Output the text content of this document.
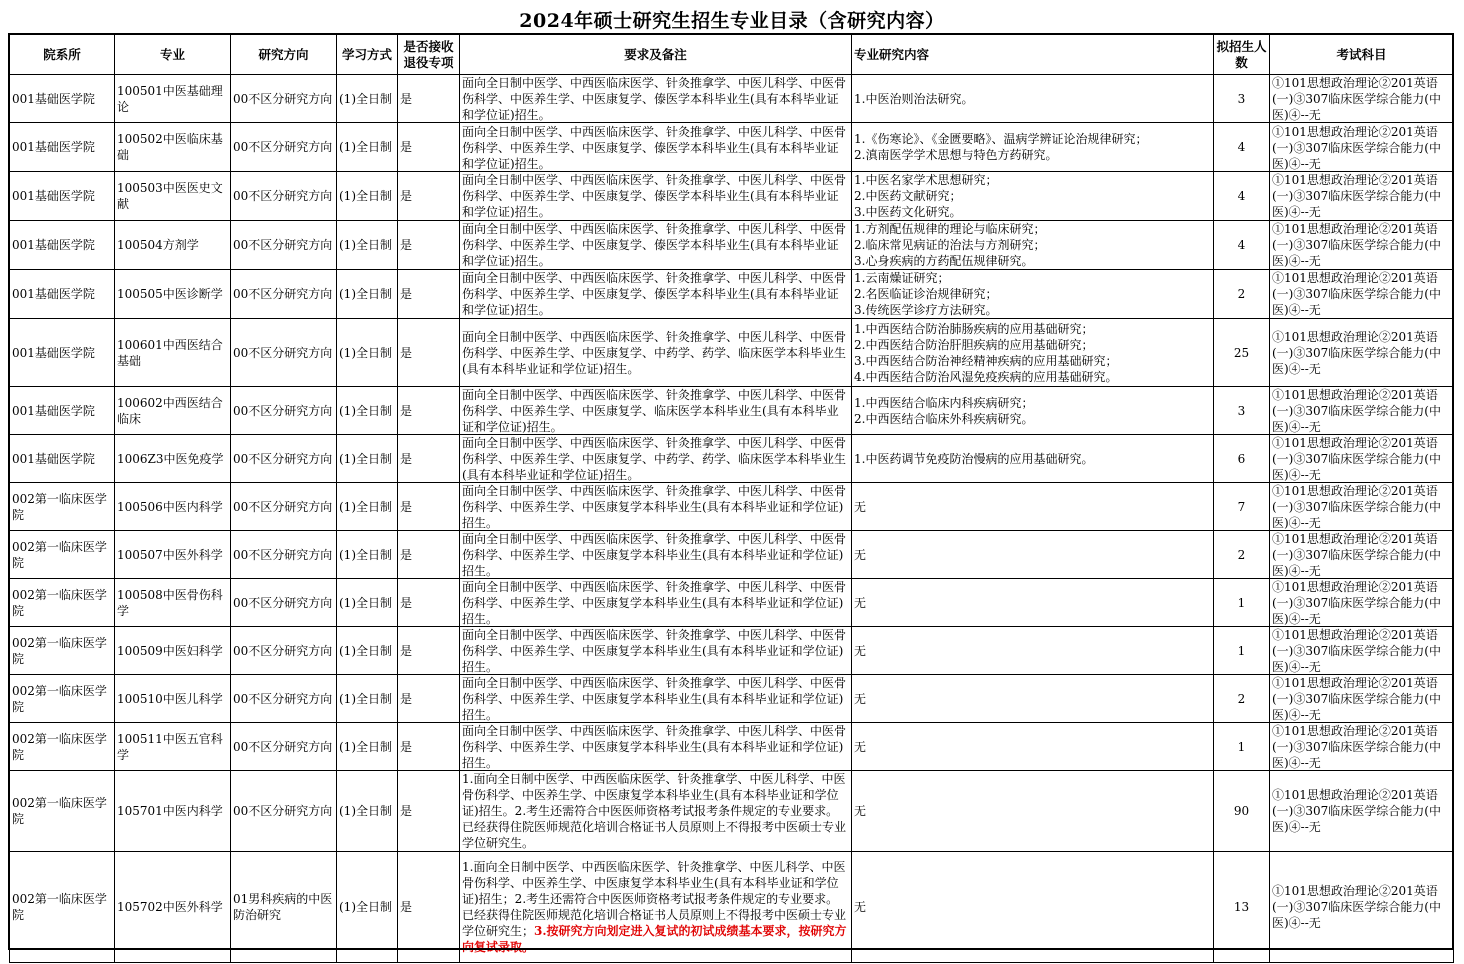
2024年硕士研究生招生专业目录（含研究内容）
院系所	专业	研究方向	学习方式	是否接收退役专项	要求及备注	专业研究内容	拟招生人数	考试科目

001基础医学院	100501中医基础理论	00不区分研究方向	(1)全日制	是	面向全日制中医学、中西医临床医学、针灸推拿学、中医儿科学、中医骨伤科学、中医养生学、中医康复学、傣医学本科毕业生(具有本科毕业证和学位证)招生。	1.中医治则治法研究。	3	①101思想政治理论②201英语(一)③307临床医学综合能力(中医)④--无

001基础医学院	100502中医临床基础	00不区分研究方向	(1)全日制	是	面向全日制中医学、中西医临床医学、针灸推拿学、中医儿科学、中医骨伤科学、中医养生学、中医康复学、傣医学本科毕业生(具有本科毕业证和学位证)招生。	1.《伤寒论》、《金匮要略》、温病学辨证论治规律研究；
2.滇南医学学术思想与特色方药研究。	4	①101思想政治理论②201英语(一)③307临床医学综合能力(中医)④--无

001基础医学院	100503中医医史文献	00不区分研究方向	(1)全日制	是	面向全日制中医学、中西医临床医学、针灸推拿学、中医儿科学、中医骨伤科学、中医养生学、中医康复学、傣医学本科毕业生(具有本科毕业证和学位证)招生。	1.中医名家学术思想研究；
2.中医药文献研究；
3.中医药文化研究。	4	①101思想政治理论②201英语(一)③307临床医学综合能力(中医)④--无

001基础医学院	100504方剂学	00不区分研究方向	(1)全日制	是	面向全日制中医学、中西医临床医学、针灸推拿学、中医儿科学、中医骨伤科学、中医养生学、中医康复学、傣医学本科毕业生(具有本科毕业证和学位证)招生。	1.方剂配伍规律的理论与临床研究；
2.临床常见病证的治法与方剂研究；
3.心身疾病的方药配伍规律研究。	4	①101思想政治理论②201英语(一)③307临床医学综合能力(中医)④--无

001基础医学院	100505中医诊断学	00不区分研究方向	(1)全日制	是	面向全日制中医学、中西医临床医学、针灸推拿学、中医儿科学、中医骨伤科学、中医养生学、中医康复学、傣医学本科毕业生(具有本科毕业证和学位证)招生。	1.云南燥证研究；
2.名医临证诊治规律研究；
3.传统医学诊疗方法研究。	2	①101思想政治理论②201英语(一)③307临床医学综合能力(中医)④--无

001基础医学院	100601中西医结合基础	00不区分研究方向	(1)全日制	是	面向全日制中医学、中西医临床医学、针灸推拿学、中医儿科学、中医骨伤科学、中医养生学、中医康复学、中药学、药学、临床医学本科毕业生(具有本科毕业证和学位证)招生。	1.中西医结合防治肺肠疾病的应用基础研究；
2.中西医结合防治肝胆疾病的应用基础研究；
3.中西医结合防治神经精神疾病的应用基础研究；
4.中西医结合防治风湿免疫疾病的应用基础研究。	25	①101思想政治理论②201英语(一)③307临床医学综合能力(中医)④--无

001基础医学院	100602中西医结合临床	00不区分研究方向	(1)全日制	是	面向全日制中医学、中西医临床医学、针灸推拿学、中医儿科学、中医骨伤科学、中医养生学、中医康复学、临床医学本科毕业生(具有本科毕业证和学位证)招生。	1.中西医结合临床内科疾病研究；
2.中西医结合临床外科疾病研究。	3	①101思想政治理论②201英语(一)③307临床医学综合能力(中医)④--无

001基础医学院	1006Z3中医免疫学	00不区分研究方向	(1)全日制	是	面向全日制中医学、中西医临床医学、针灸推拿学、中医儿科学、中医骨伤科学、中医养生学、中医康复学、中药学、药学、临床医学本科毕业生(具有本科毕业证和学位证)招生。	1.中医药调节免疫防治慢病的应用基础研究。	6	①101思想政治理论②201英语(一)③307临床医学综合能力(中医)④--无

002第一临床医学院	100506中医内科学	00不区分研究方向	(1)全日制	是	面向全日制中医学、中西医临床医学、针灸推拿学、中医儿科学、中医骨伤科学、中医养生学、中医康复学本科毕业生(具有本科毕业证和学位证)招生。	无	7	①101思想政治理论②201英语(一)③307临床医学综合能力(中医)④--无

002第一临床医学院	100507中医外科学	00不区分研究方向	(1)全日制	是	面向全日制中医学、中西医临床医学、针灸推拿学、中医儿科学、中医骨伤科学、中医养生学、中医康复学本科毕业生(具有本科毕业证和学位证)招生。	无	2	①101思想政治理论②201英语(一)③307临床医学综合能力(中医)④--无

002第一临床医学院	100508中医骨伤科学	00不区分研究方向	(1)全日制	是	面向全日制中医学、中西医临床医学、针灸推拿学、中医儿科学、中医骨伤科学、中医养生学、中医康复学本科毕业生(具有本科毕业证和学位证)招生。	无	1	①101思想政治理论②201英语(一)③307临床医学综合能力(中医)④--无

002第一临床医学院	100509中医妇科学	00不区分研究方向	(1)全日制	是	面向全日制中医学、中西医临床医学、针灸推拿学、中医儿科学、中医骨伤科学、中医养生学、中医康复学本科毕业生(具有本科毕业证和学位证)招生。	无	1	①101思想政治理论②201英语(一)③307临床医学综合能力(中医)④--无

002第一临床医学院	100510中医儿科学	00不区分研究方向	(1)全日制	是	面向全日制中医学、中西医临床医学、针灸推拿学、中医儿科学、中医骨伤科学、中医养生学、中医康复学本科毕业生(具有本科毕业证和学位证)招生。	无	2	①101思想政治理论②201英语(一)③307临床医学综合能力(中医)④--无

002第一临床医学院	100511中医五官科学	00不区分研究方向	(1)全日制	是	面向全日制中医学、中西医临床医学、针灸推拿学、中医儿科学、中医骨伤科学、中医养生学、中医康复学本科毕业生(具有本科毕业证和学位证)招生。	无	1	①101思想政治理论②201英语(一)③307临床医学综合能力(中医)④--无

002第一临床医学院	105701中医内科学	00不区分研究方向	(1)全日制	是	1.面向全日制中医学、中西医临床医学、针灸推拿学、中医儿科学、中医骨伤科学、中医养生学、中医康复学本科毕业生(具有本科毕业证和学位证)招生。2.考生还需符合中医医师资格考试报考条件规定的专业要求。已经获得住院医师规范化培训合格证书人员原则上不得报考中医硕士专业学位研究生。	无	90	①101思想政治理论②201英语(一)③307临床医学综合能力(中医)④--无

002第一临床医学院	105702中医外科学	01男科疾病的中医防治研究	(1)全日制	是	1.面向全日制中医学、中西医临床医学、针灸推拿学、中医儿科学、中医骨伤科学、中医养生学、中医康复学本科毕业生(具有本科毕业证和学位证)招生；2.考生还需符合中医医师资格考试报考条件规定的专业要求。已经获得住院医师规范化培训合格证书人员原则上不得报考中医硕士专业学位研究生；3.按研究方向划定进入复试的初试成绩基本要求，按研究方向复试录取。	无	13	①101思想政治理论②201英语(一)③307临床医学综合能力(中医)④--无
